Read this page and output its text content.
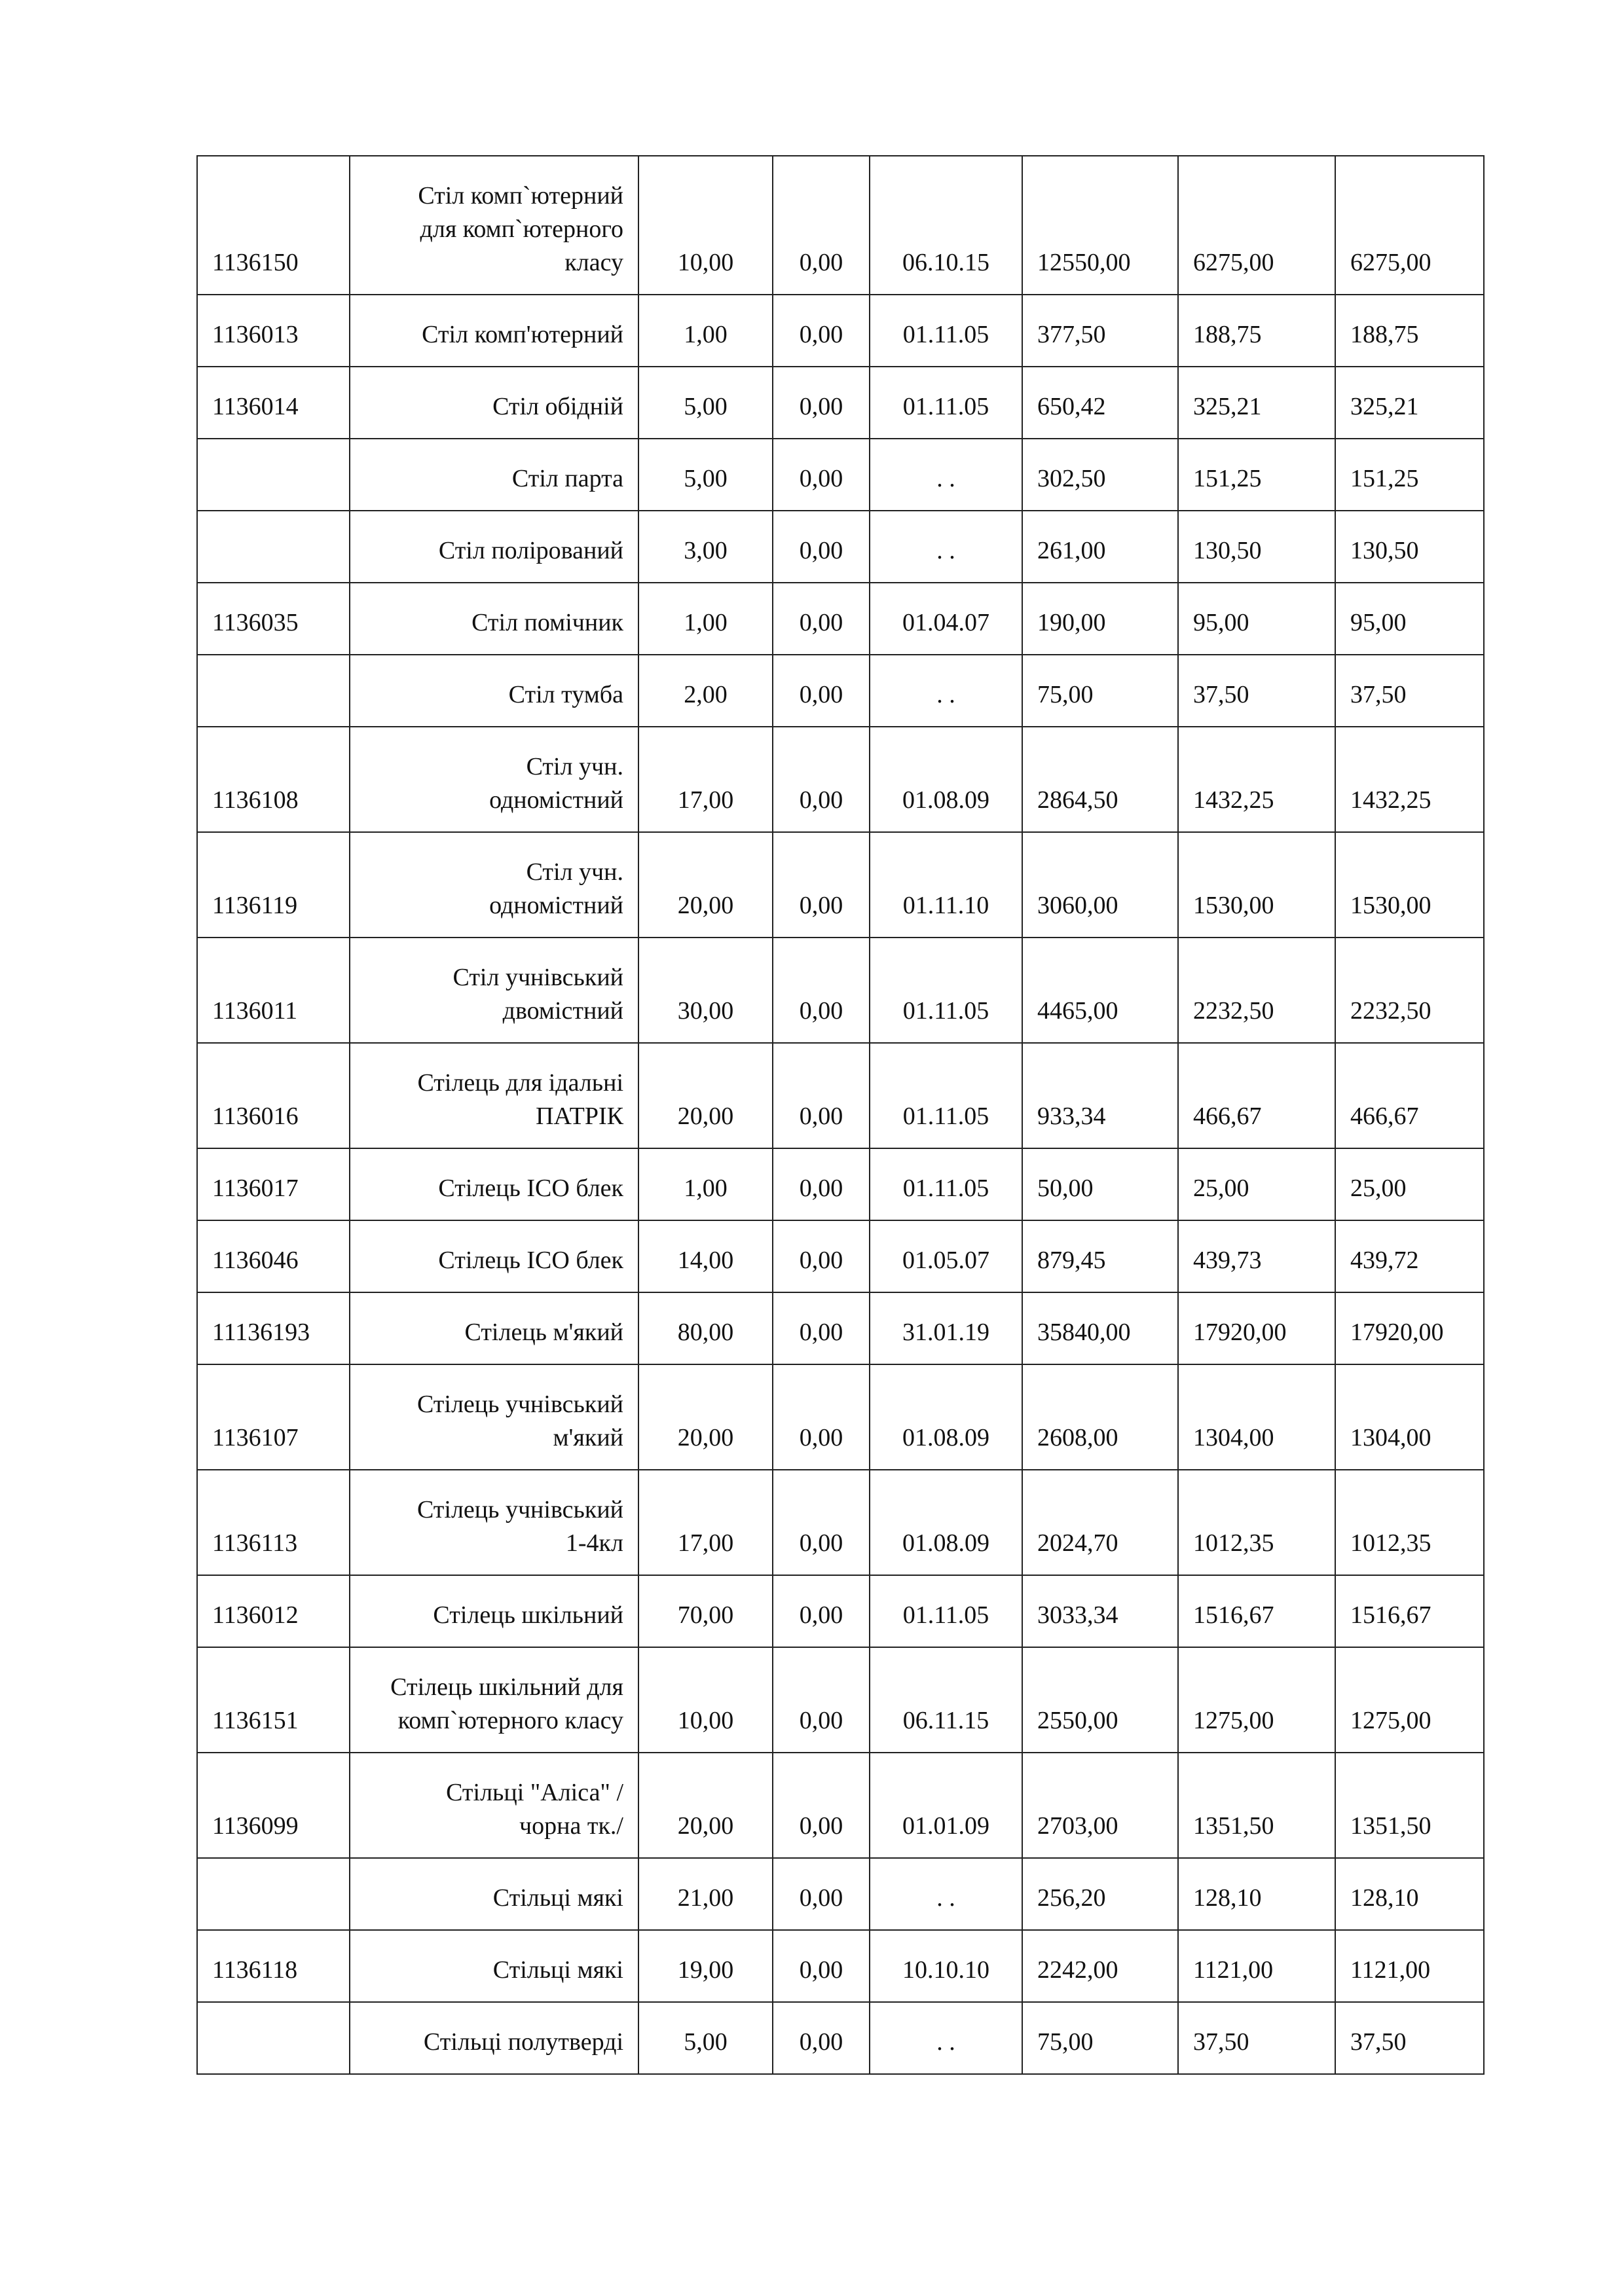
1136150	Стіл комп`ютерний
для комп`ютерного
класу	10,00	0,00	06.10.15	12550,00	6275,00	6275,00
1136013	Стіл комп'ютерний	1,00	0,00	01.11.05	377,50	188,75	188,75
1136014	Стіл обідній	5,00	0,00	01.11.05	650,42	325,21	325,21

	Стіл парта	5,00	0,00	. .	302,50	151,25	151,25

	Стіл полірований	3,00	0,00	. .	261,00	130,50	130,50
1136035	Стіл помічник	1,00	0,00	01.04.07	190,00	95,00	95,00

	Стіл тумба	2,00	0,00	. .	75,00	37,50	37,50
1136108	Стіл учн.
одномістний	17,00	0,00	01.08.09	2864,50	1432,25	1432,25
1136119	Стіл учн.
одномістний	20,00	0,00	01.11.10	3060,00	1530,00	1530,00
1136011	Стіл учнівський
двомістний	30,00	0,00	01.11.05	4465,00	2232,50	2232,50
1136016	Стілець для ідальні
ПАТРІК	20,00	0,00	01.11.05	933,34	466,67	466,67
1136017	Стілець ІСО блек	1,00	0,00	01.11.05	50,00	25,00	25,00
1136046	Стілець ІСО блек	14,00	0,00	01.05.07	879,45	439,73	439,72
11136193	Стілець м'який	80,00	0,00	31.01.19	35840,00	17920,00	17920,00
1136107	Стілець учнівський
м'який	20,00	0,00	01.08.09	2608,00	1304,00	1304,00
1136113	Стілець учнівський
1-4кл	17,00	0,00	01.08.09	2024,70	1012,35	1012,35
1136012	Стілець шкільний	70,00	0,00	01.11.05	3033,34	1516,67	1516,67
1136151	Стілець шкільний для
комп`ютерного класу	10,00	0,00	06.11.15	2550,00	1275,00	1275,00
1136099	Стільці "Аліса" /
чорна тк./	20,00	0,00	01.01.09	2703,00	1351,50	1351,50

	Стільці мякі	21,00	0,00	. .	256,20	128,10	128,10
1136118	Стільці мякі	19,00	0,00	10.10.10	2242,00	1121,00	1121,00

	Стільці полутверді	5,00	0,00	. .	75,00	37,50	37,50
